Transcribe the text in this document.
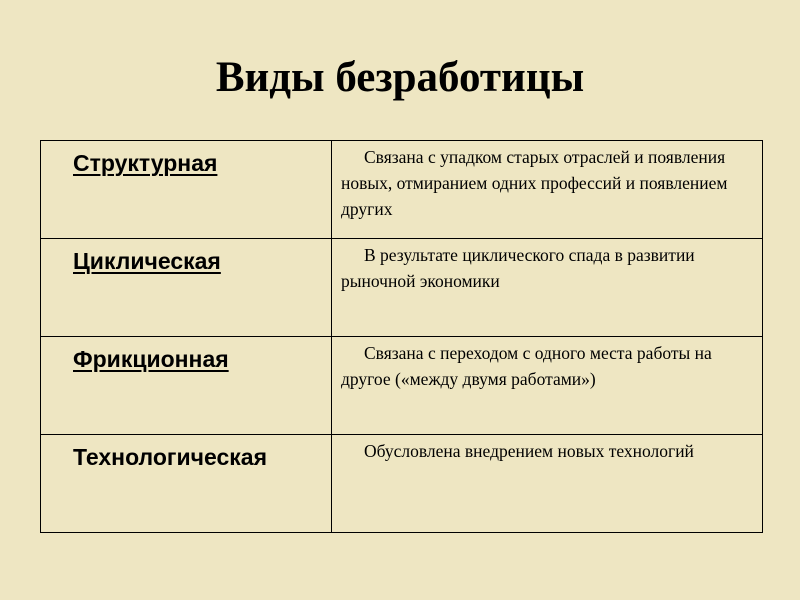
Виды безработицы
Структурная	Связана с упадком старых отраслей и появления новых, отмиранием одних профессий и появлением других

Циклическая	В результате циклического спада в развитии рыночной экономики

Фрикционная	Связана с переходом с одного места работы на другое («между двумя работами»)

Технологическая	Обусловлена внедрением новых технологий
